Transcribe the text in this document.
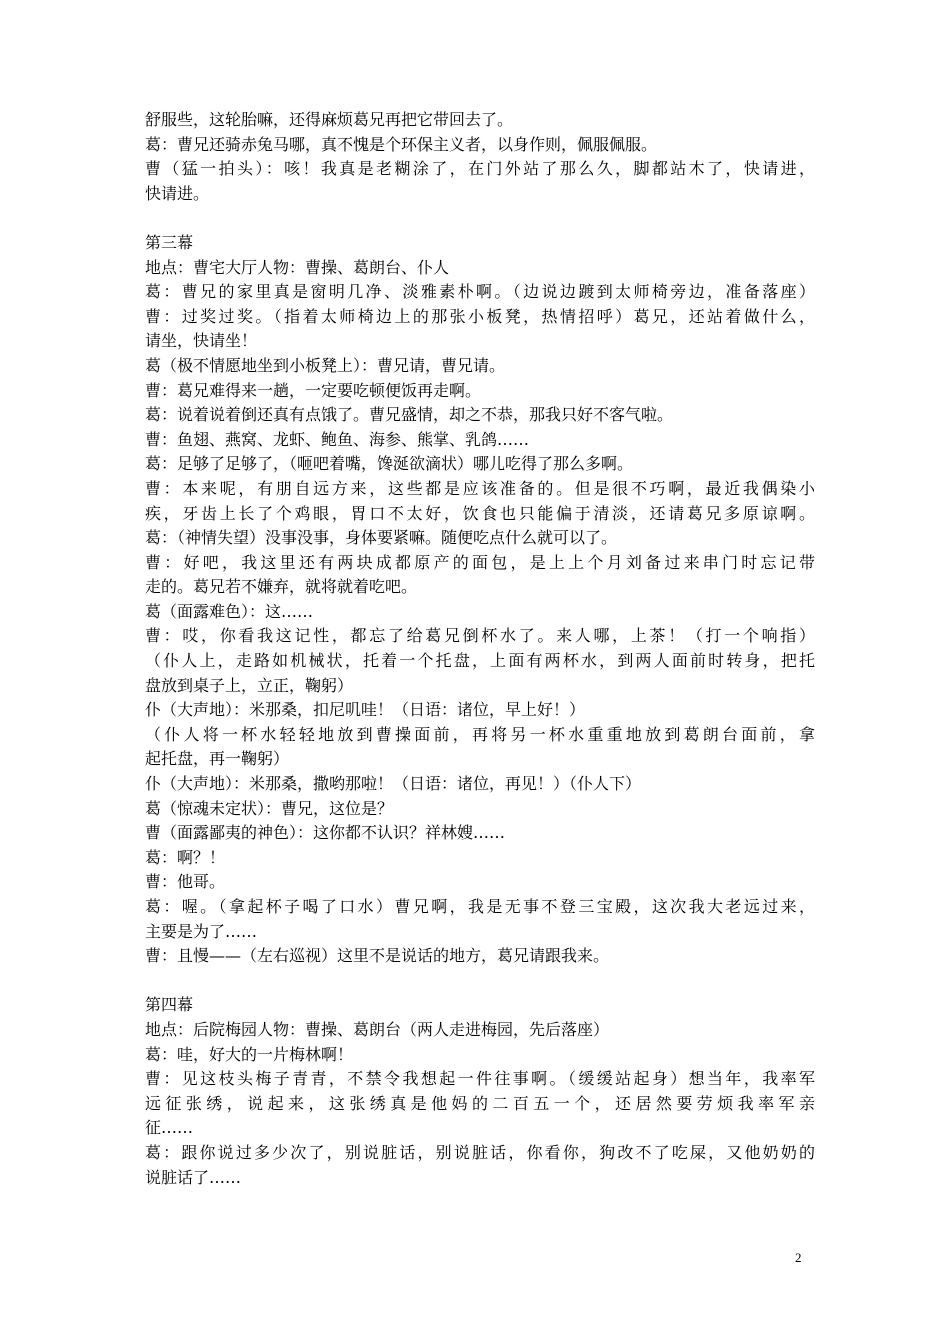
舒服些，这轮胎嘛，还得麻烦葛兄再把它带回去了。
葛：曹兄还骑赤兔马哪，真不愧是个环保主义者，以身作则，佩服佩服。
曹（猛一拍头）：咳！我真是老糊涂了，在门外站了那么久，脚都站木了，快请进，
快请进。
第三幕
地点：曹宅大厅人物：曹操、葛朗台、仆人
葛：曹兄的家里真是窗明几净、淡雅素朴啊。（边说边踱到太师椅旁边，准备落座）
曹：过奖过奖。（指着太师椅边上的那张小板凳，热情招呼）葛兄，还站着做什么，
请坐，快请坐！
葛（极不情愿地坐到小板凳上）：曹兄请，曹兄请。
曹：葛兄难得来一趟，一定要吃顿便饭再走啊。
葛：说着说着倒还真有点饿了。曹兄盛情，却之不恭，那我只好不客气啦。
曹：鱼翅、燕窝、龙虾、鲍鱼、海参、熊掌、乳鸽……
葛：足够了足够了，（咂吧着嘴，馋涎欲滴状）哪儿吃得了那么多啊。
曹：本来呢，有朋自远方来，这些都是应该准备的。但是很不巧啊，最近我偶染小
疾，牙齿上长了个鸡眼，胃口不太好，饮食也只能偏于清淡，还请葛兄多原谅啊。
葛：（神情失望）没事没事，身体要紧嘛。随便吃点什么就可以了。
曹：好吧，我这里还有两块成都原产的面包，是上上个月刘备过来串门时忘记带
走的。葛兄若不嫌弃，就将就着吃吧。
葛（面露难色）：这……
曹：哎，你看我这记性，都忘了给葛兄倒杯水了。来人哪，上茶！（打一个响指）
（仆人上，走路如机械状，托着一个托盘，上面有两杯水，到两人面前时转身，把托
盘放到桌子上，立正，鞠躬）
仆（大声地）：米那桑，扣尼叽哇！（日语：诸位，早上好！）
（仆人将一杯水轻轻地放到曹操面前，再将另一杯水重重地放到葛朗台面前，拿
起托盘，再一鞠躬）
仆（大声地）：米那桑，撒哟那啦！（日语：诸位，再见！）（仆人下）
葛（惊魂未定状）：曹兄，这位是？
曹（面露鄙夷的神色）：这你都不认识？祥林嫂……
葛：啊？！
曹：他哥。
葛：喔。（拿起杯子喝了口水）曹兄啊，我是无事不登三宝殿，这次我大老远过来，
主要是为了……
曹：且慢——（左右巡视）这里不是说话的地方，葛兄请跟我来。
第四幕
地点：后院梅园人物：曹操、葛朗台（两人走进梅园，先后落座）
葛：哇，好大的一片梅林啊！
曹：见这枝头梅子青青，不禁令我想起一件往事啊。（缓缓站起身）想当年，我率军
远征张绣，说起来，这张绣真是他妈的二百五一个，还居然要劳烦我率军亲
征……
葛：跟你说过多少次了，别说脏话，别说脏话，你看你，狗改不了吃屎，又他奶奶的
说脏话了……
2
